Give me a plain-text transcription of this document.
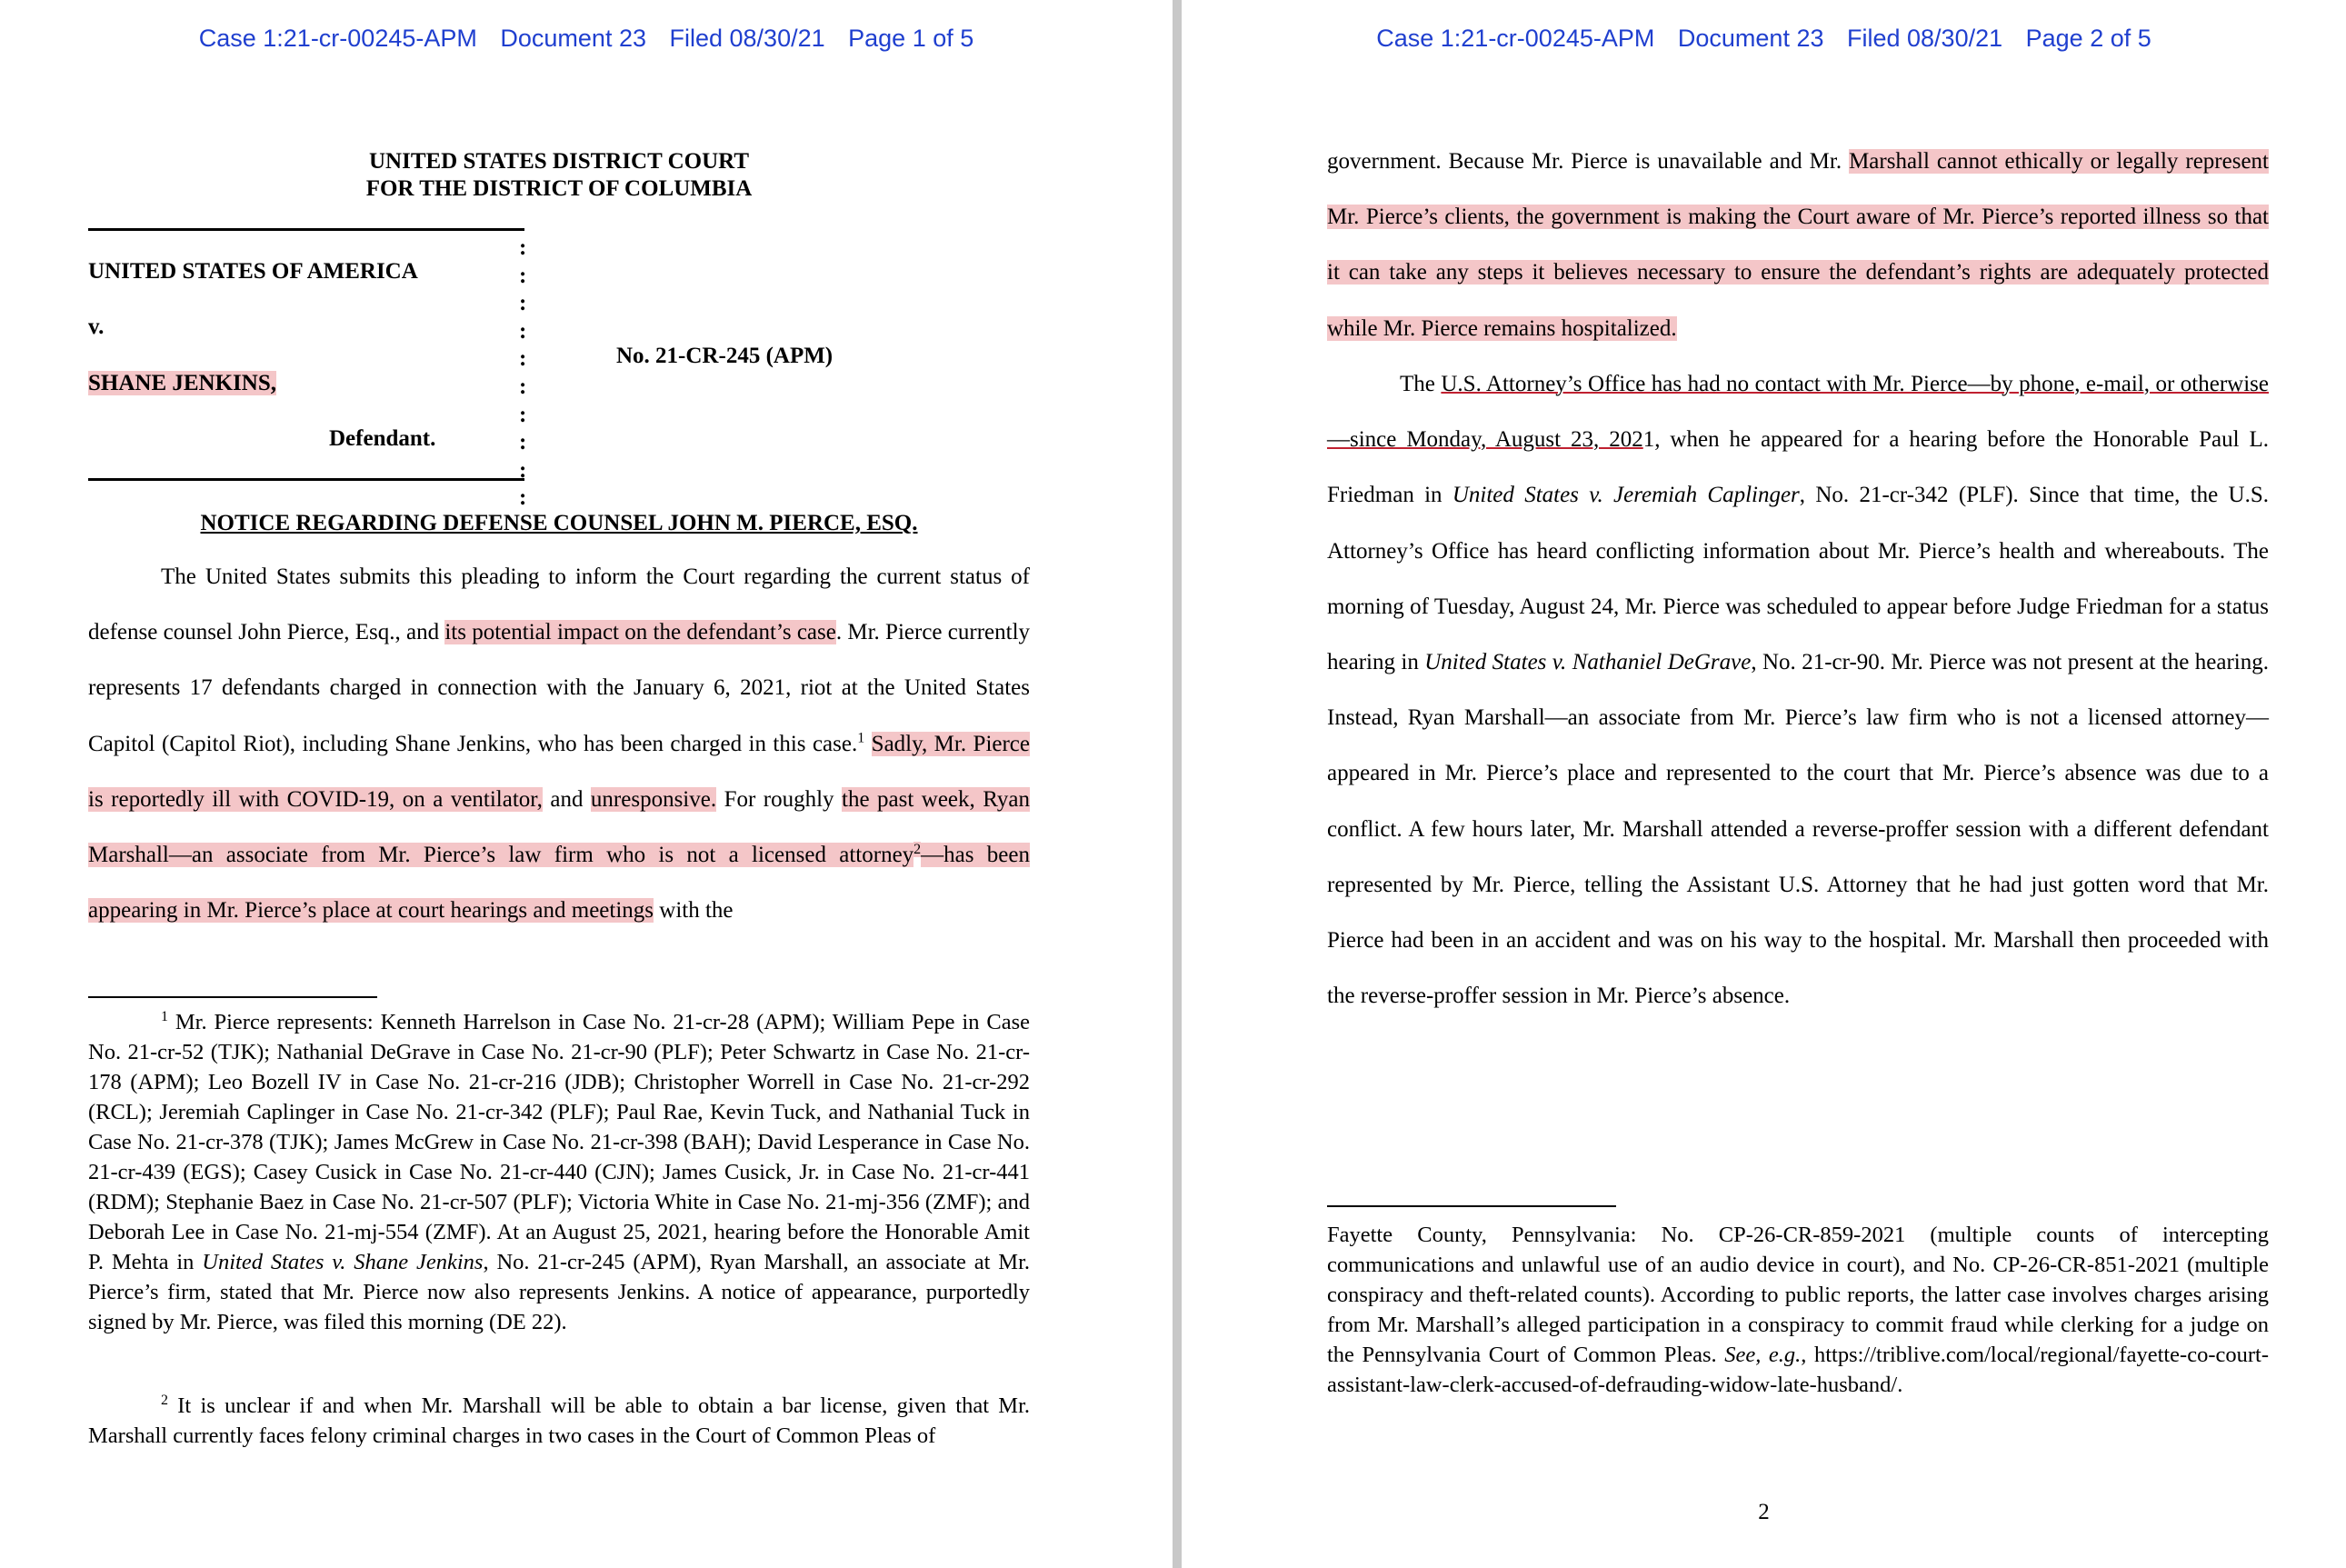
Case 1:21-cr-00245-APM Document 23 Filed 08/30/21 Page 1 of 5
UNITED STATES DISTRICT COURT
FOR THE DISTRICT OF COLUMBIA
:
:
:
:
:
:
:
:
:
:
UNITED STATES OF AMERICA
v.
SHANE JENKINS,
Defendant.
No. 21-CR-245 (APM)
NOTICE REGARDING DEFENSE COUNSEL JOHN M. PIERCE, ESQ.
The United States submits this pleading to inform the Court regarding the current status of defense counsel John Pierce, Esq., and its potential impact on the defendant’s case. Mr. Pierce currently represents 17 defendants charged in connection with the January 6, 2021, riot at the United States Capitol (Capitol Riot), including Shane Jenkins, who has been charged in this case.$^1$ Sadly, Mr. Pierce is reportedly ill with COVID-19, on a ventilator, and unresponsive. For roughly the past week, Ryan Marshall—an associate from Mr. Pierce’s law firm who is not a licensed attorney$^2$—has been appearing in Mr. Pierce’s place at court hearings and meetings with the
$^1$ Mr. Pierce represents: Kenneth Harrelson in Case No. 21-cr-28 (APM); William Pepe in Case No. 21-cr-52 (TJK); Nathanial DeGrave in Case No. 21-cr-90 (PLF); Peter Schwartz in Case No. 21-cr-178 (APM); Leo Bozell IV in Case No. 21-cr-216 (JDB); Christopher Worrell in Case No. 21-cr-292 (RCL); Jeremiah Caplinger in Case No. 21-cr-342 (PLF); Paul Rae, Kevin Tuck, and Nathanial Tuck in Case No. 21-cr-378 (TJK); James McGrew in Case No. 21-cr-398 (BAH); David Lesperance in Case No. 21-cr-439 (EGS); Casey Cusick in Case No. 21-cr-440 (CJN); James Cusick, Jr. in Case No. 21-cr-441 (RDM); Stephanie Baez in Case No. 21-cr-507 (PLF); Victoria White in Case No. 21-mj-356 (ZMF); and Deborah Lee in Case No. 21-mj-554 (ZMF). At an August 25, 2021, hearing before the Honorable Amit P. Mehta in United States v. Shane Jenkins, No. 21-cr-245 (APM), Ryan Marshall, an associate at Mr. Pierce’s firm, stated that Mr. Pierce now also represents Jenkins. A notice of appearance, purportedly signed by Mr. Pierce, was filed this morning (DE 22).
$^2$ It is unclear if and when Mr. Marshall will be able to obtain a bar license, given that Mr. Marshall currently faces felony criminal charges in two cases in the Court of Common Pleas of
Case 1:21-cr-00245-APM Document 23 Filed 08/30/21 Page 2 of 5
government. Because Mr. Pierce is unavailable and Mr. Marshall cannot ethically or legally represent Mr. Pierce’s clients, the government is making the Court aware of Mr. Pierce’s reported illness so that it can take any steps it believes necessary to ensure the defendant’s rights are adequately protected while Mr. Pierce remains hospitalized.
The U.S. Attorney’s Office has had no contact with Mr. Pierce—by phone, e-mail, or otherwise—since Monday, August 23, 2021, when he appeared for a hearing before the Honorable Paul L. Friedman in United States v. Jeremiah Caplinger, No. 21-cr-342 (PLF). Since that time, the U.S. Attorney’s Office has heard conflicting information about Mr. Pierce’s health and whereabouts. The morning of Tuesday, August 24, Mr. Pierce was scheduled to appear before Judge Friedman for a status hearing in United States v. Nathaniel DeGrave, No. 21-cr-90. Mr. Pierce was not present at the hearing. Instead, Ryan Marshall—an associate from Mr. Pierce’s law firm who is not a licensed attorney—appeared in Mr. Pierce’s place and represented to the court that Mr. Pierce’s absence was due to a conflict. A few hours later, Mr. Marshall attended a reverse-proffer session with a different defendant represented by Mr. Pierce, telling the Assistant U.S. Attorney that he had just gotten word that Mr. Pierce had been in an accident and was on his way to the hospital. Mr. Marshall then proceeded with the reverse-proffer session in Mr. Pierce’s absence.
Fayette County, Pennsylvania: No. CP-26-CR-859-2021 (multiple counts of intercepting communications and unlawful use of an audio device in court), and No. CP-26-CR-851-2021 (multiple conspiracy and theft-related counts). According to public reports, the latter case involves charges arising from Mr. Marshall’s alleged participation in a conspiracy to commit fraud while clerking for a judge on the Pennsylvania Court of Common Pleas. See, e.g., https://triblive.com/local/regional/fayette-co-court-assistant-law-clerk-accused-of-defrauding-widow-late-husband/.
2
